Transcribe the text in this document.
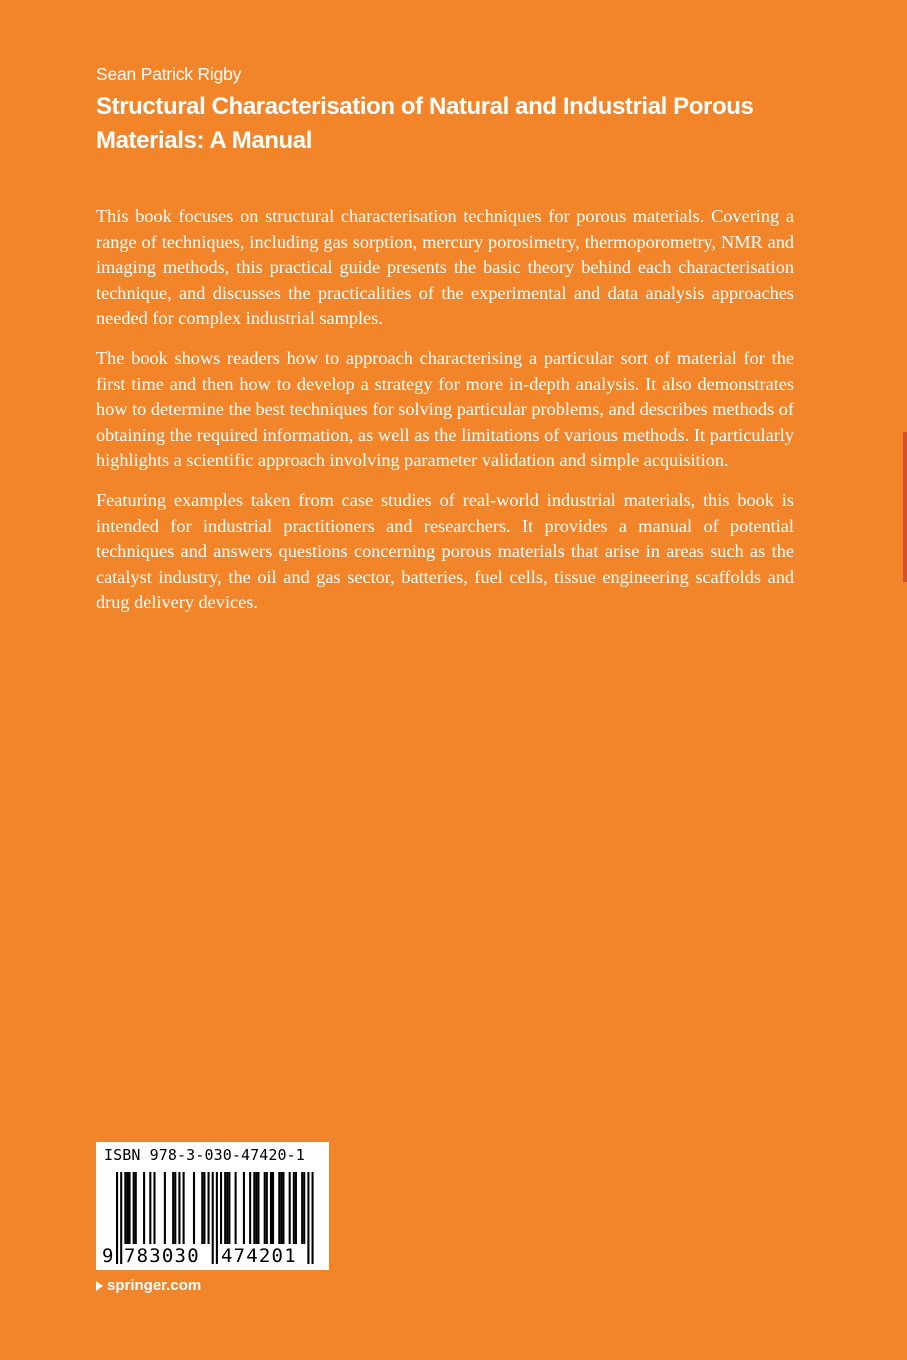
Sean Patrick Rigby
Structural Characterisation of Natural and Industrial Porous Materials: A Manual

This book focuses on structural characterisation techniques for porous materials. Covering a range of techniques, including gas sorption, mercury porosimetry, thermoporometry, NMR and imaging methods, this practical guide presents the basic theory behind each characterisation technique, and discusses the practicalities of the experimental and data analysis approaches needed for complex industrial samples.

The book shows readers how to approach characterising a particular sort of material for the first time and then how to develop a strategy for more in-depth analysis. It also demonstrates how to determine the best techniques for solving particular problems, and describes methods of obtaining the required information, as well as the limitations of various methods. It particularly highlights a scientific approach involving parameter validation and simple acquisition.

Featuring examples taken from case studies of real-world industrial materials, this book is intended for industrial practitioners and researchers. It provides a manual of potential techniques and answers questions concerning porous materials that arise in areas such as the catalyst industry, the oil and gas sector, batteries, fuel cells, tissue engineering scaffolds and drug delivery devices.

ISBN 978-3-030-47420-1
9 783030 474201
springer.com
